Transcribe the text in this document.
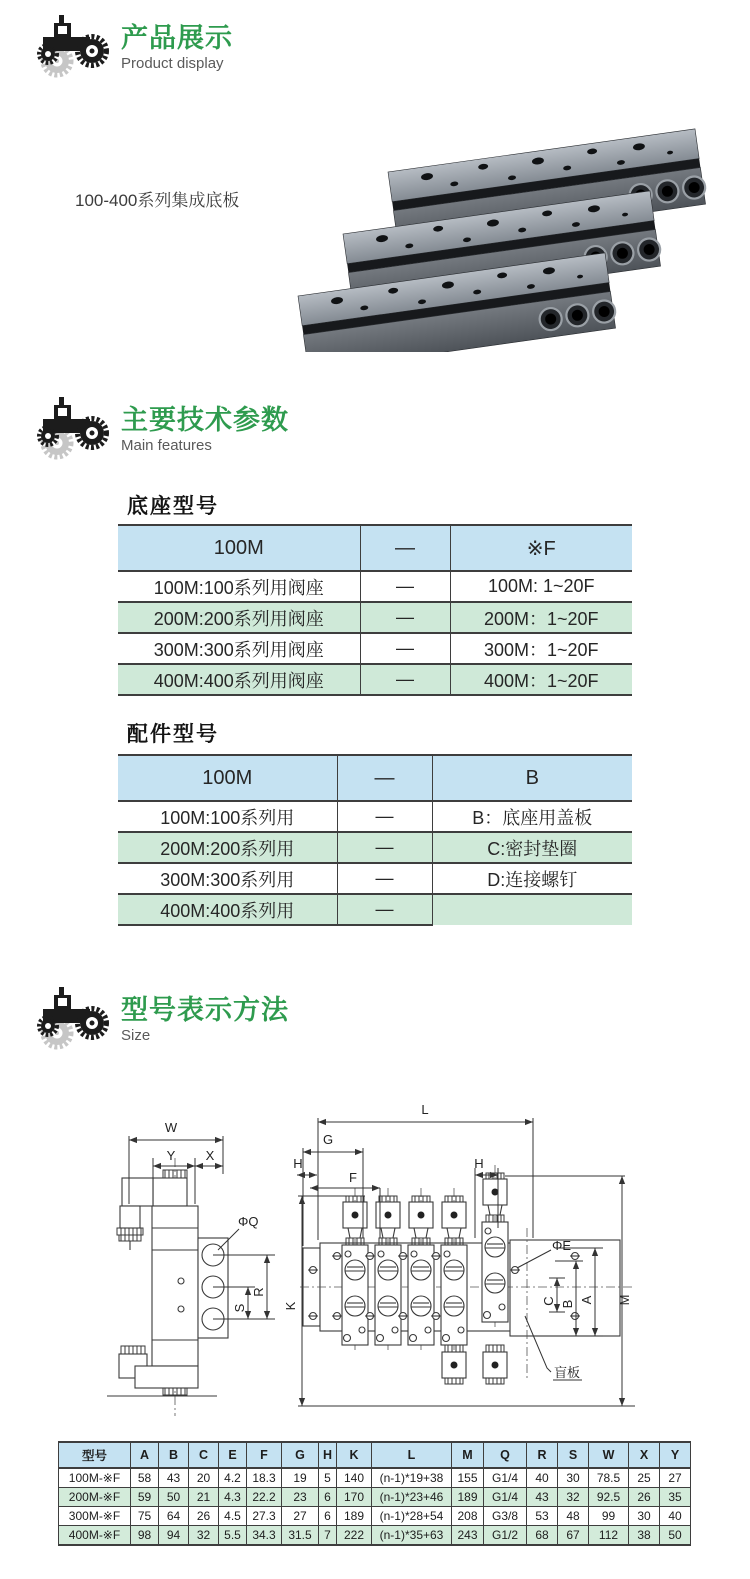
产品展示
Product display
100-400系列集成底板
主要技术参数
Main features
底座型号
100M	—	※F
100M:100系列用阀座	—	100M: 1~20F
200M:200系列用阀座	—	200M：1~20F
300M:300系列用阀座	—	300M：1~20F
400M:400系列用阀座	—	400M：1~20F
配件型号
100M	—	B
100M:100系列用	—	B：底座用盖板
200M:200系列用	—	C:密封垫圈
300M:300系列用	—	D:连接螺钉
400M:400系列用	—	
型号表示方法
Size
W
Y X
ΦQ
S
R
K
L
G
H
F
H
M
A
B
C
ΦE
盲板
型号	A	B	C	E	F	G	H	K	L	M	Q	R	S	W	X	Y
100M-※F	58	43	20	4.2	18.3	19	5	140	(n-1)*19+38	155	G1/4	40	30	78.5	25	27
200M-※F	59	50	21	4.3	22.2	23	6	170	(n-1)*23+46	189	G1/4	43	32	92.5	26	35
300M-※F	75	64	26	4.5	27.3	27	6	189	(n-1)*28+54	208	G3/8	53	48	99	30	40
400M-※F	98	94	32	5.5	34.3	31.5	7	222	(n-1)*35+63	243	G1/2	68	67	112	38	50
